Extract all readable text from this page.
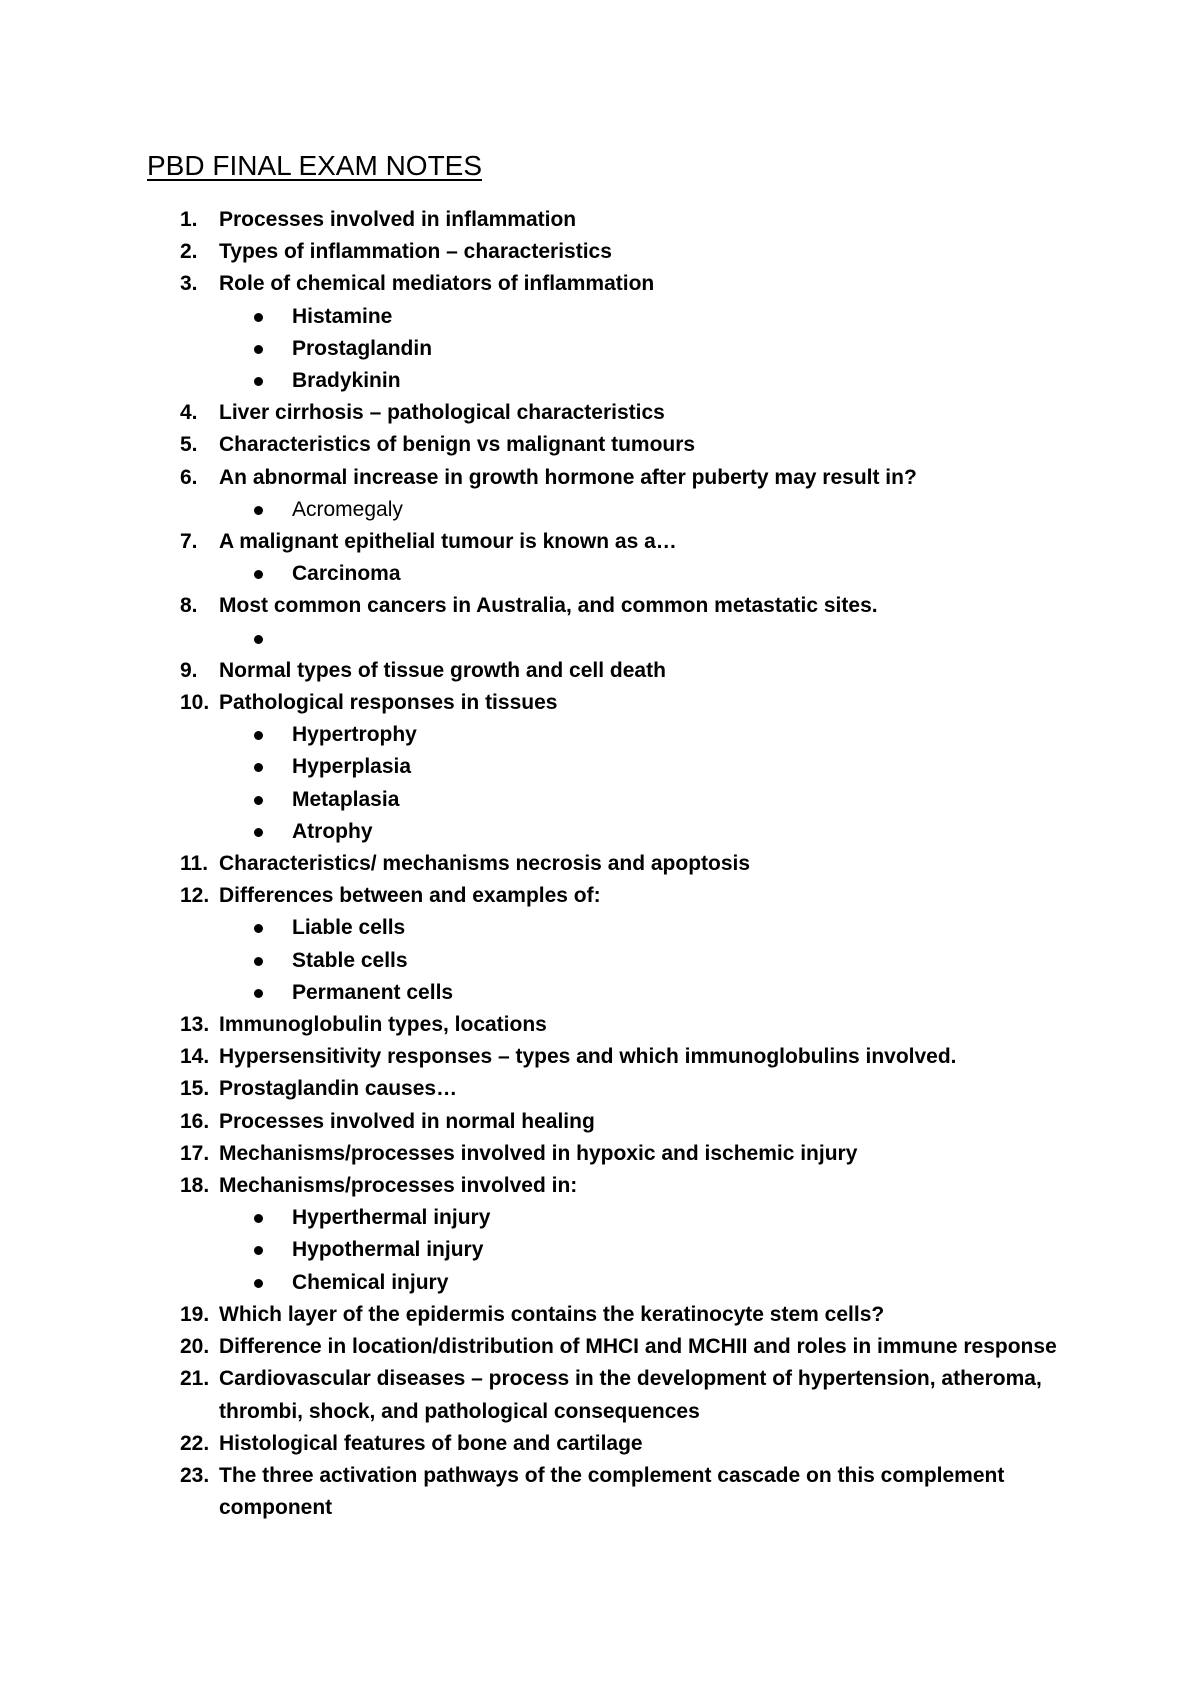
PBD FINAL EXAM NOTES
1. Processes involved in inflammation
2. Types of inflammation – characteristics
3. Role of chemical mediators of inflammation
Histamine
Prostaglandin
Bradykinin
4. Liver cirrhosis – pathological characteristics
5. Characteristics of benign vs malignant tumours
6. An abnormal increase in growth hormone after puberty may result in?
Acromegaly
7. A malignant epithelial tumour is known as a…
Carcinoma
8. Most common cancers in Australia, and common metastatic sites.
9. Normal types of tissue growth and cell death
10. Pathological responses in tissues
Hypertrophy
Hyperplasia
Metaplasia
Atrophy
11. Characteristics/ mechanisms necrosis and apoptosis
12. Differences between and examples of:
Liable cells
Stable cells
Permanent cells
13. Immunoglobulin types, locations
14. Hypersensitivity responses – types and which immunoglobulins involved.
15. Prostaglandin causes…
16. Processes involved in normal healing
17. Mechanisms/processes involved in hypoxic and ischemic injury
18. Mechanisms/processes involved in:
Hyperthermal injury
Hypothermal injury
Chemical injury
19. Which layer of the epidermis contains the keratinocyte stem cells?
20. Difference in location/distribution of MHCI and MCHII and roles in immune response
21. Cardiovascular diseases – process in the development of hypertension, atheroma, thrombi, shock, and pathological consequences
22. Histological features of bone and cartilage
23. The three activation pathways of the complement cascade on this complement component
